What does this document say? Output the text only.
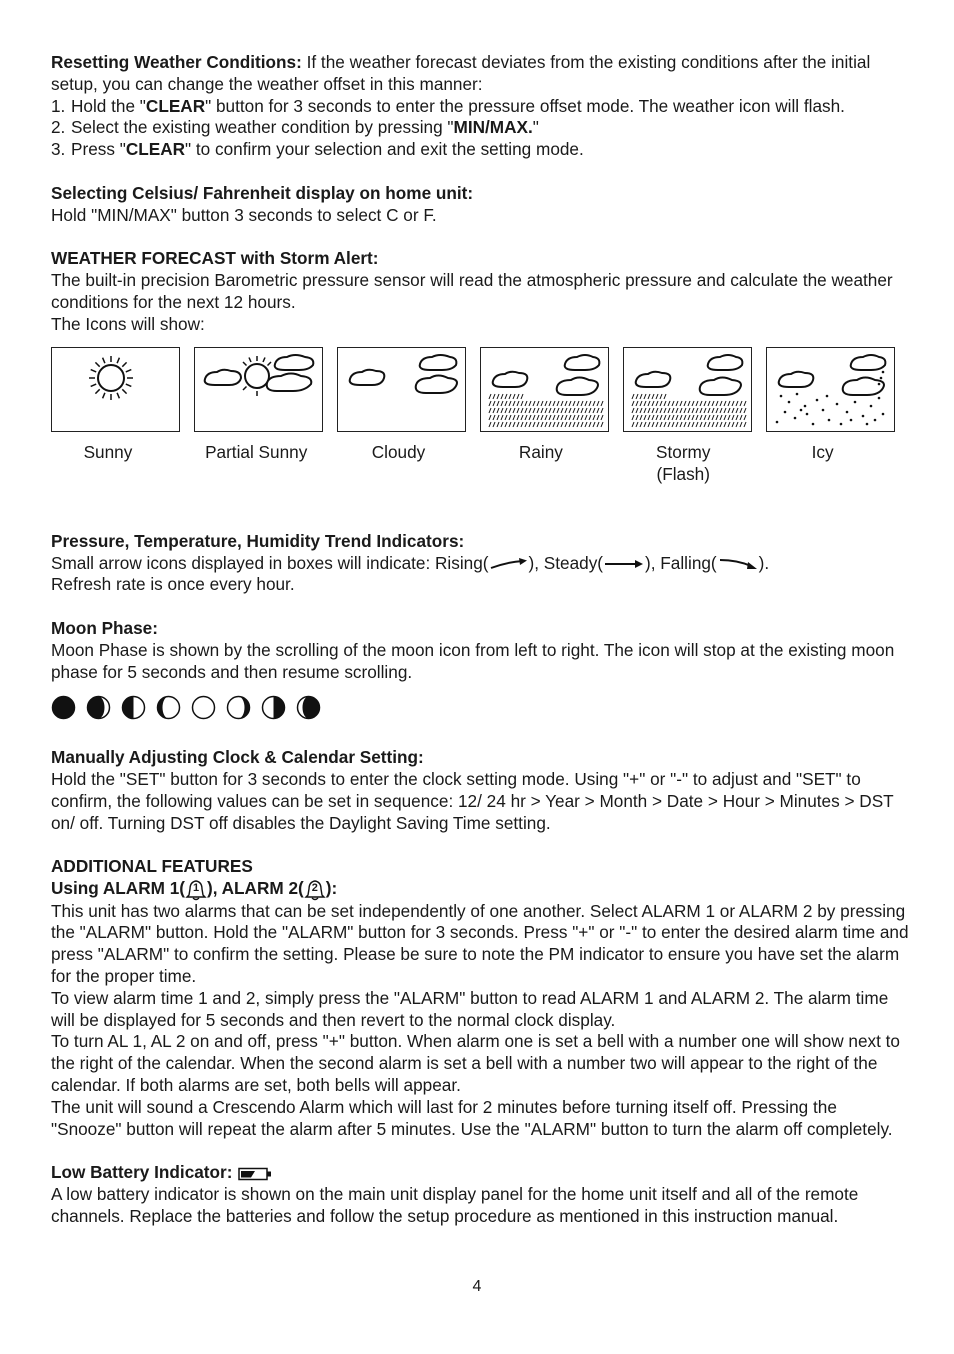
Resetting Weather Conditions: If the weather forecast deviates from the existing conditions after the initial setup, you can change the weather offset in this manner:

1. Hold the "CLEAR" button for 3 seconds to enter the pressure offset mode. The weather icon will flash.
2. Select the existing weather condition by pressing "MIN/MAX."
3. Press "CLEAR" to confirm your selection and exit the setting mode.

Selecting Celsius/ Fahrenheit display on home unit:

Hold "MIN/MAX" button 3 seconds to select C or F.

WEATHER FORECAST with Storm Alert:

The built-in precision Barometric pressure sensor will read the atmospheric pressure and calculate the weather conditions for the next 12 hours.

The Icons will show:

Sunny	Partial Sunny	Cloudy	Rainy	Stormy (Flash)
Icy

Pressure, Temperature, Humidity Trend Indicators:

Small arrow icons displayed in boxes will indicate: Rising( ), Steady( ), Falling( ).

Refresh rate is once every hour.

Moon Phase:

Moon Phase is shown by the scrolling of the moon icon from left to right. The icon will stop at the existing moon phase for 5 seconds and then resume scrolling.

Manually Adjusting Clock & Calendar Setting:

Hold the "SET" button for 3 seconds to enter the clock setting mode. Using "+" or "-" to adjust and "SET" to confirm, the following values can be set in sequence: 12/ 24 hr > Year > Month > Date > Hour > Minutes > DST on/ off. Turning DST off disables the Daylight Saving Time setting.

ADDITIONAL FEATURES

Using ALARM 1( 1 ), ALARM 2( 2 ):

This unit has two alarms that can be set independently of one another. Select ALARM 1 or ALARM 2 by pressing the "ALARM" button. Hold the "ALARM" button for 3 seconds. Press "+" or "-" to enter the desired alarm time and press "ALARM" to confirm the setting. Please be sure to note the PM indicator to ensure you have set the alarm for the proper time.

To view alarm time 1 and 2, simply press the "ALARM" button to read ALARM 1 and ALARM 2. The alarm time will be displayed for 5 seconds and then revert to the normal clock display.

To turn AL 1, AL 2 on and off, press "+" button. When alarm one is set a bell with a number one will show next to the right of the calendar. When the second alarm is set a bell with a number two will appear to the right of the calendar. If both alarms are set, both bells will appear.

The unit will sound a Crescendo Alarm which will last for 2 minutes before turning itself off. Pressing the "Snooze" button will repeat the alarm after 5 minutes. Use the "ALARM" button to turn the alarm off completely.

Low Battery Indicator:

A low battery indicator is shown on the main unit display panel for the home unit itself and all of the remote channels. Replace the batteries and follow the setup procedure as mentioned in this instruction manual.

4
